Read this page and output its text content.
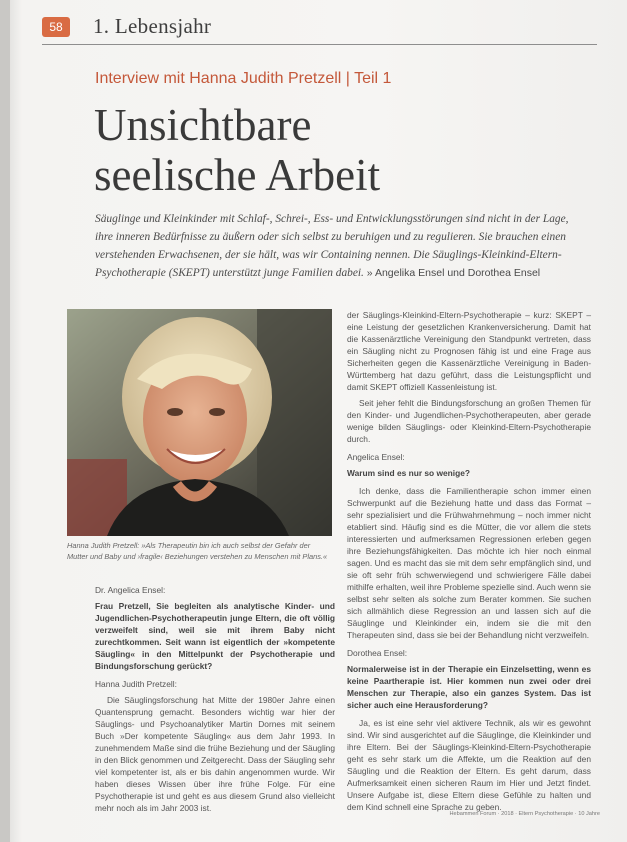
58	1. Lebensjahr
Interview mit Hanna Judith Pretzell | Teil 1
Unsichtbare
seelische Arbeit
Säuglinge und Kleinkinder mit Schlaf-, Schrei-, Ess- und Entwicklungsstörungen sind nicht in der Lage, ihre inneren Bedürfnisse zu äußern oder sich selbst zu beruhigen und zu regulieren. Sie brauchen einen verstehenden Erwachsenen, der sie hält, was wir Containing nennen. Die Säuglings-Kleinkind-Eltern-Psychotherapie (SKEPT) unterstützt junge Familien dabei. » Angelika Ensel und Dorothea Ensel
Hanna Judith Pretzell: »Als Therapeutin bin ich auch selbst der Gefahr der Mutter und Baby und ›fragile‹ Beziehungen verstehen zu Menschen mit Plans.«

Dr. Angelica Ensel:

Frau Pretzell, Sie begleiten als analytische Kinder- und Jugendlichen-Psychotherapeutin junge Eltern, die oft völlig verzweifelt sind, weil sie mit ihrem Baby nicht zurechtkommen. Seit wann ist eigentlich der »kompetente Säugling« in den Mittelpunkt der Psychotherapie und Bindungsforschung gerückt?

Hanna Judith Pretzell:

Die Säuglingsforschung hat Mitte der 1980er Jahre einen Quantensprung gemacht. Besonders wichtig war hier der Säuglings- und Psychoanalytiker Martin Dornes mit seinem Buch »Der kompetente Säugling« aus dem Jahr 1993. In zunehmendem Maße sind die frühe Beziehung und der Säugling in den Blick genommen und Zeitgerecht. Dass der Säugling sehr viel kompetenter ist, als er bis dahin angenommen wurde. Wir haben dieses Wissen über ihre frühe Folge. Für eine Psychotherapie ist und geht es aus diesem Grund also vielleicht mehr noch als im Jahr 2003 ist.

der Säuglings-Kleinkind-Eltern-Psychotherapie – kurz: SKEPT – eine Leistung der gesetzlichen Krankenversicherung. Damit hat die Kassenärztliche Vereinigung den Standpunkt vertreten, dass ein Säugling nicht zu Prognosen fähig ist und eine Frage aus Sicherheiten gegen die Kassenärztliche Vereinigung in Baden-Württemberg hat dazu geführt, dass die Leistungspflicht und damit SKEPT offiziell Kassenleistung ist.

Seit jeher fehlt die Bindungsforschung an großen Themen für den Kinder- und Jugendlichen-Psychotherapeuten, aber gerade wenige bilden Säuglings- oder Kleinkind-Eltern-Psychotherapie durch.

Angelica Ensel:

Warum sind es nur so wenige?

Ich denke, dass die Familientherapie schon immer einen Schwerpunkt auf die Beziehung hatte und dass das Format – sehr spezialisiert und die Frühwahrnehmung – noch immer nicht etabliert sind. Häufig sind es die Mütter, die vor allem die stets interessierten und aufmerksamen Regressionen erleben gegen ihre Beziehungsfähigkeiten. Das möchte ich hier noch einmal sagen. Und es macht das sie mit dem sehr empfänglich sind, und sie oft sehr früh schwerwiegend und schwierigere Fälle dabei mithilfe erhalten, weil ihre Probleme spezielle sind. Auch wenn sie selbst sehr selten als solche zum Berater kommen. Sie suchen sich allmählich diese Regression an und lassen sich auf die Säuglinge und Kleinkinder ein, indem sie die mit den Therapeuten sind, dass sie bei der Behandlung nicht verzweifeln.

Dorothea Ensel:

Normalerweise ist in der Therapie ein Einzelsetting, wenn es keine Paartherapie ist. Hier kommen nun zwei oder drei Menschen zur Therapie, also ein ganzes System. Das ist sicher auch eine Herausforderung?

Ja, es ist eine sehr viel aktivere Technik, als wir es gewohnt sind. Wir sind ausgerichtet auf die Säuglinge, die Kleinkinder und ihre Eltern. Bei der Säuglings-Kleinkind-Eltern-Psychotherapie geht es sehr stark um die Affekte, um die Reaktion auf den Säugling und die Reaktion der Eltern. Es geht darum, dass Aufmerksamkeit einen sicheren Raum im Hier und Jetzt findet. Unsere Aufgabe ist, diese Eltern diese Gefühle zu halten und dem Kind schnell eine Sprache zu geben.

Hebammen Forum · 2018 · Eltern Psychotherapie · 10 Jahre
